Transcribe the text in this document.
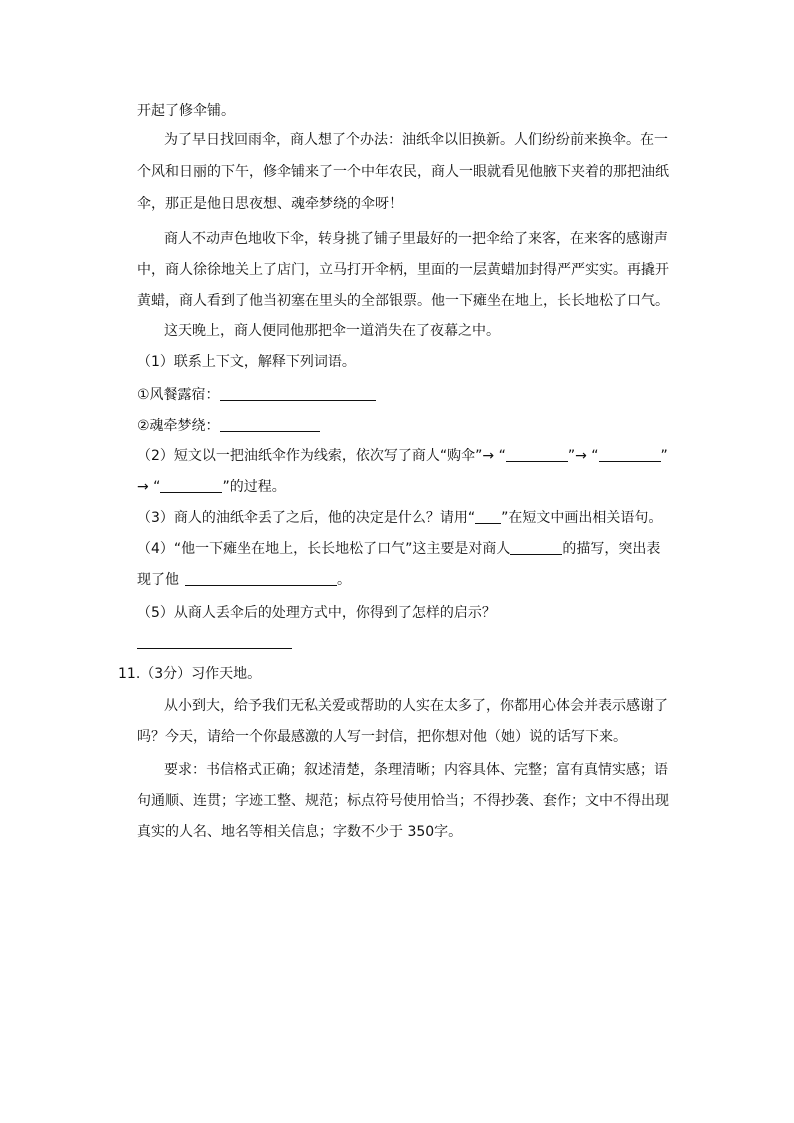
开起了修伞铺。
为了早日找回雨伞，商人想了个办法：油纸伞以旧换新。人们纷纷前来换伞。在一
个风和日丽的下午，修伞铺来了一个中年农民，商人一眼就看见他腋下夹着的那把油纸
伞，那正是他日思夜想、魂牵梦绕的伞呀！
商人不动声色地收下伞，转身挑了铺子里最好的一把伞给了来客，在来客的感谢声
中，商人徐徐地关上了店门，立马打开伞柄，里面的一层黄蜡加封得严严实实。再撬开
黄蜡，商人看到了他当初塞在里头的全部银票。他一下瘫坐在地上，长长地松了口气。
这天晚上，商人便同他那把伞一道消失在了夜幕之中。
（1）联系上下文，解释下列词语。
①风餐露宿：
②魂牵梦绕：
（2）短文以一把油纸伞作为线索，依次写了商人“购伞”→ “	”→ “	”
→ “	”的过程。
（3）商人的油纸伞丢了之后，他的决定是什么？请用“ ”在短文中画出相关语句。
（4）“他一下瘫坐在地上，长长地松了口气”这主要是对商人	的描写，突出表
现了他	。
（5）从商人丢伞后的处理方式中，你得到了怎样的启示？
11.（3分）习作天地。
从小到大，给予我们无私关爱或帮助的人实在太多了，你都用心体会并表示感谢了
吗？今天，请给一个你最感激的人写一封信，把你想对他（她）说的话写下来。
要求：书信格式正确；叙述清楚，条理清晰；内容具体、完整；富有真情实感；语
句通顺、连贯；字迹工整、规范；标点符号使用恰当；不得抄袭、套作；文中不得出现
真实的人名、地名等相关信息；字数不少于 350字。
